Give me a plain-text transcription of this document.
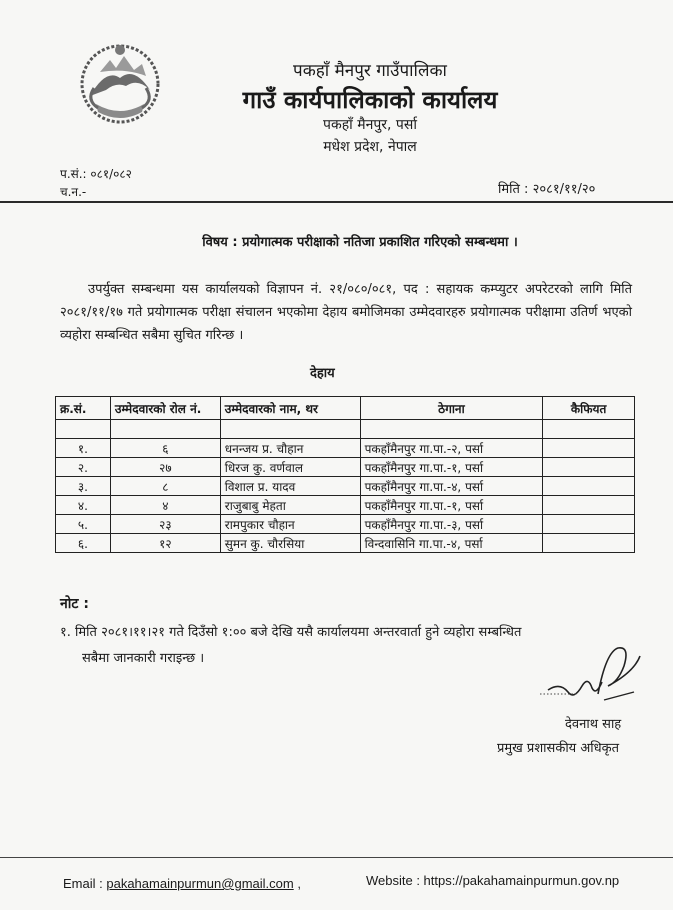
पकहाँ मैनपुर गाउँपालिका
गाउँ कार्यपालिकाको कार्यालय
पकहाँ मैनपुर, पर्सा
मधेश प्रदेश, नेपाल
प.सं.: ०८१/०८२
च.न.-	मिति : २०८१/११/२०
विषय : प्रयोगात्मक परीक्षाको नतिजा प्रकाशित गरिएको सम्बन्धमा ।
उपर्युक्त सम्बन्धमा यस कार्यालयको विज्ञापन नं. २१/०८०/०८१, पद : सहायक कम्प्युटर अपरेटरको लागि मिति २०८१/११/१७ गते प्रयोगात्मक परीक्षा संचालन भएकोमा देहाय बमोजिमका उम्मेदवारहरु प्रयोगात्मक परीक्षामा उतिर्ण भएको व्यहोरा सम्बन्धित सबैमा सुचित गरिन्छ ।
देहाय
क्र.सं.	उम्मेदवारको रोल नं.	उम्मेदवारको नाम, थर	ठेगाना	कैफियत

१.	६	धनन्जय प्र. चौहान	पकहाँमैनपुर गा.पा.-२, पर्सा	
२.	२७	धिरज कु. वर्णवाल	पकहाँमैनपुर गा.पा.-१, पर्सा	
३.	८	विशाल प्र. यादव	पकहाँमैनपुर गा.पा.-४, पर्सा	
४.	४	राजुबाबु मेहता	पकहाँमैनपुर गा.पा.-१, पर्सा	
५.	२३	रामपुकार चौहान	पकहाँमैनपुर गा.पा.-३, पर्सा	
६.	१२	सुमन कु. चौरसिया	विन्दवासिनि गा.पा.-४, पर्सा	
नोट :
१. मिति २०८१।११।२१ गते दिउँसो १:०० बजे देखि यसै कार्यालयमा अन्तरवार्ता हुने व्यहोरा सम्बन्धित
सबैमा जानकारी गराइन्छ ।
देवनाथ साह
प्रमुख प्रशासकीय अधिकृत
Email : pakahamainpurmun@gmail.com ,	Website : https://pakahamainpurmun.gov.np
